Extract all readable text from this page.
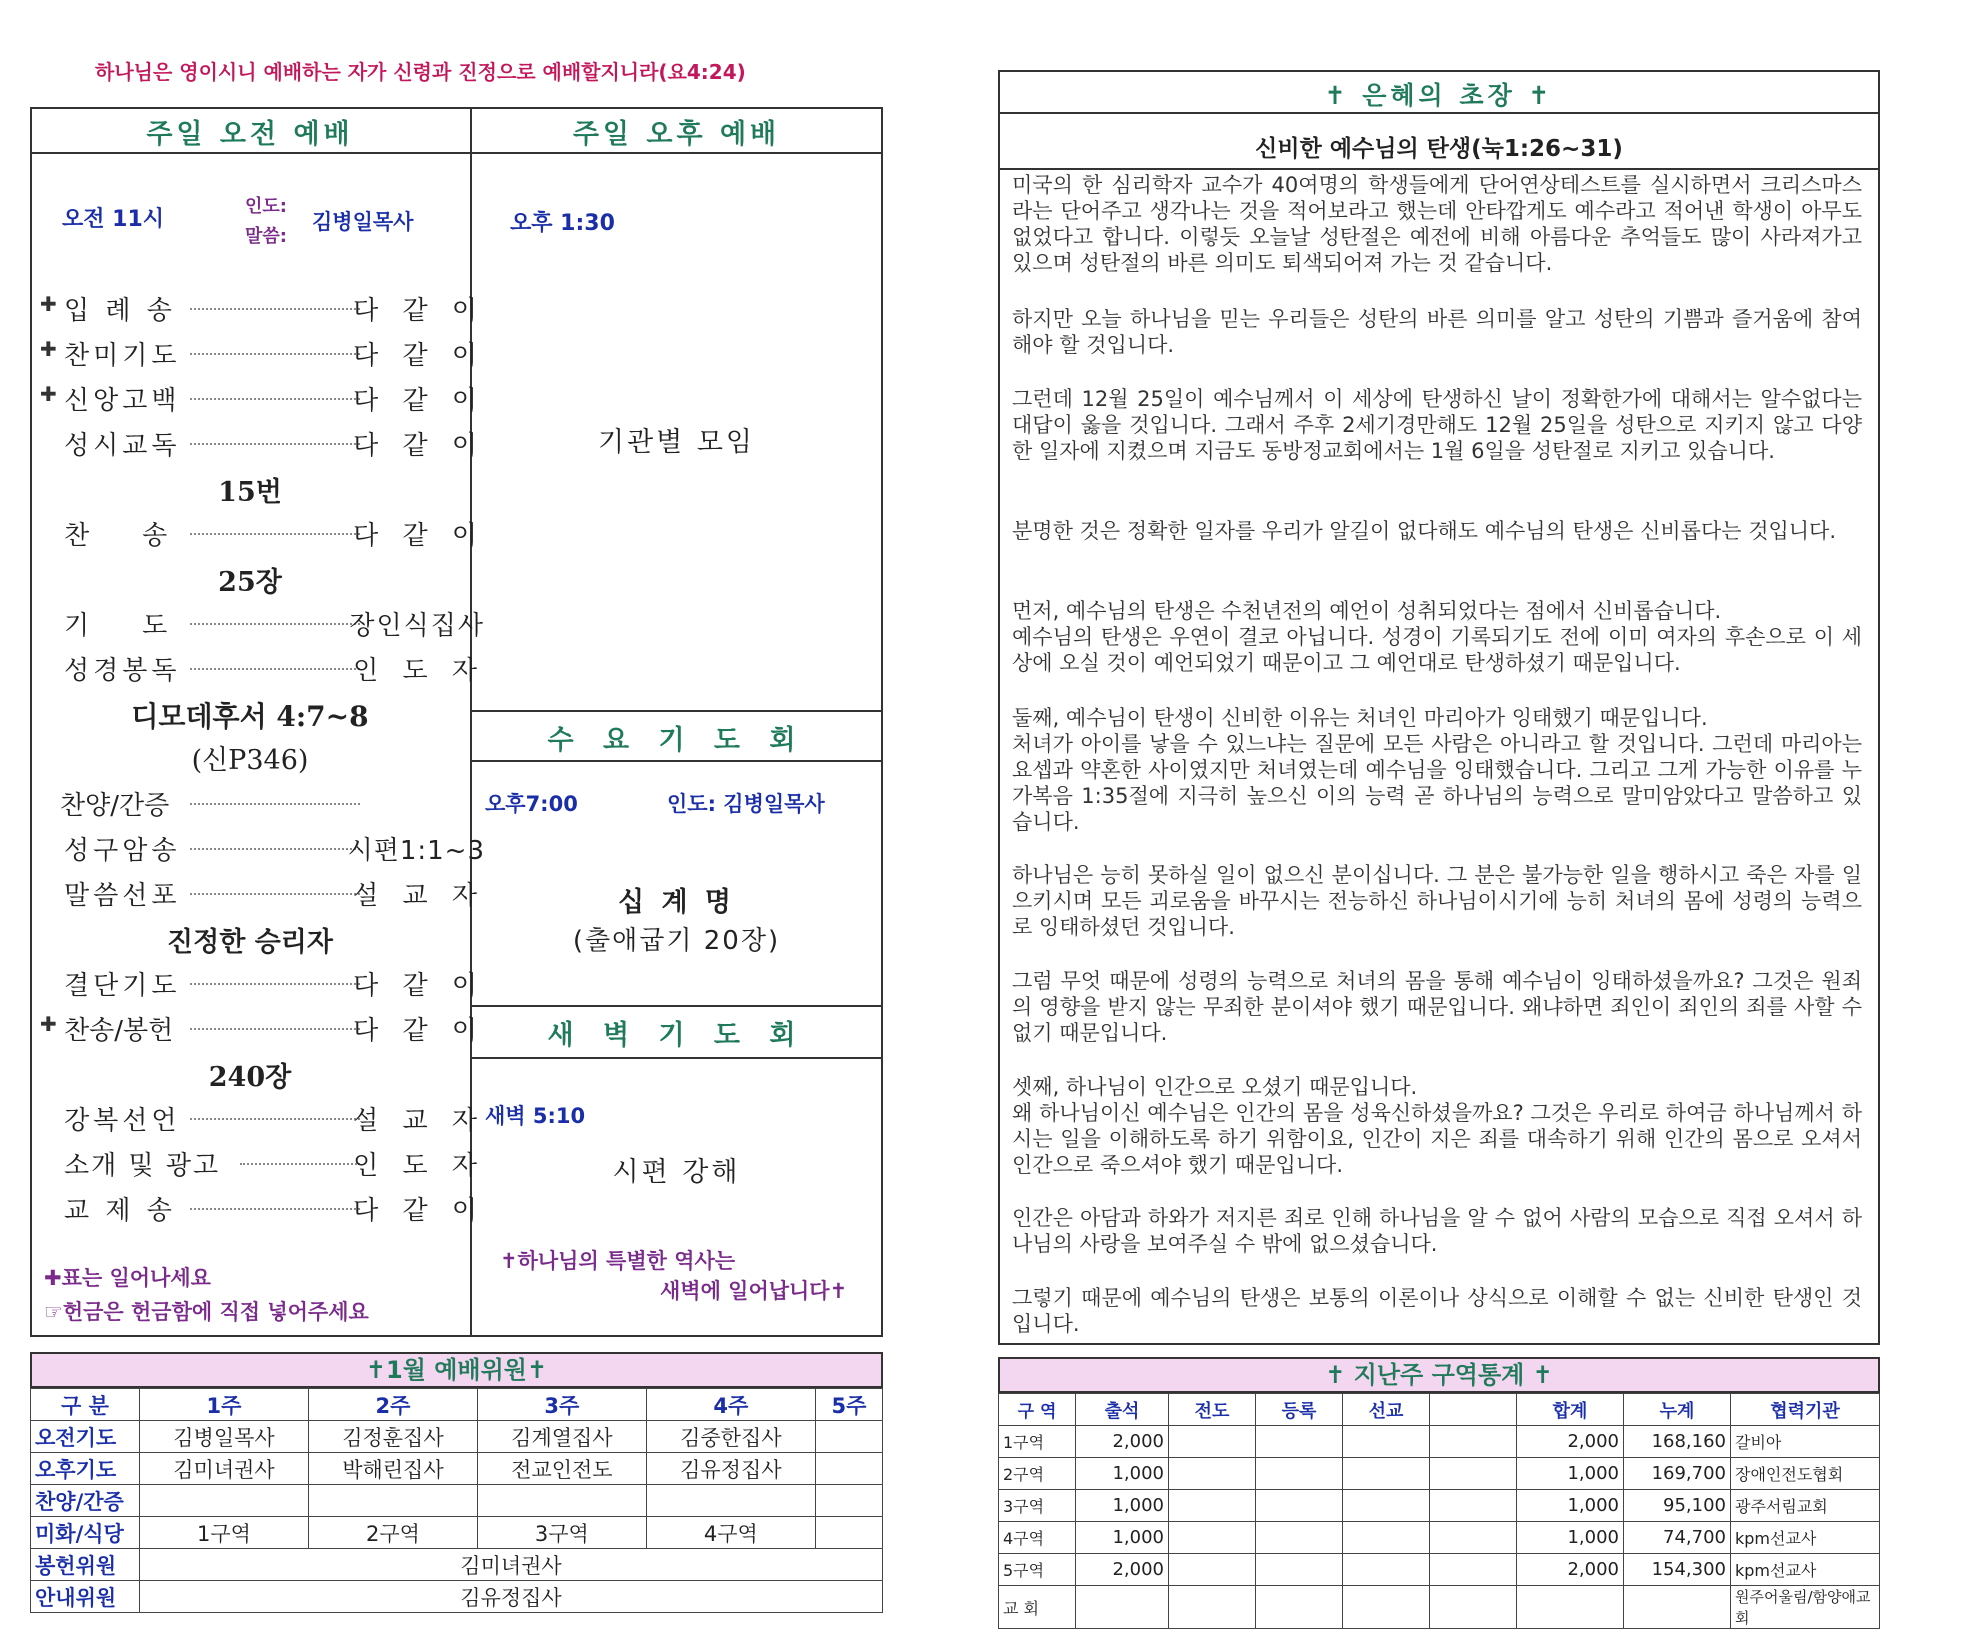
하나님은 영이시니 예배하는 자가 신령과 진정으로 예배할지니라(요4:24)
주일 오전 예배
오전 11시
인도:
말씀:
김병일목사
✚ 입 례 송	다 같 이
✚ 찬미기도	다 같 이
✚ 신앙고백	다 같 이
성시교독	다 같 이
15번
찬    송	다 같 이
25장
기    도	장인식집사
성경봉독	인 도 자
디모데후서 4:7~8
(신P346)
찬양/간증
성구암송	시편1:1~3
말씀선포	설 교 자
진정한 승리자
결단기도	다 같 이
✚ 찬송/봉헌	다 같 이
240장
강복선언	설 교 자
소개 및 광고	인 도 자
교 제 송	다 같 이
✚표는 일어나세요
☞헌금은 헌금함에 직접 넣어주세요
주일 오후 예배
오후 1:30
기관별 모임
수 요 기 도 회
오후7:00	인도: 김병일목사
십 계 명
(출애굽기 20장)
새 벽 기 도 회
새벽 5:10
시편 강해
✝하나님의 특별한 역사는
새벽에 일어납니다✝
✝1월 예배위원✝
구 분	1주	2주	3주	4주	5주
오전기도	김병일목사	김정훈집사	김계열집사	김중한집사	
오후기도	김미녀권사	박해린집사	전교인전도	김유정집사	
찬양/간증					
미화/식당	1구역	2구역	3구역	4구역	
봉헌위원	김미녀권사				
안내위원	김유정집사				
✝ 은혜의 초장 ✝
신비한 예수님의 탄생(눅1:26~31)
미국의 한 심리학자 교수가 40여명의 학생들에게 단어연상테스트를 실시하면서 크리스마스라는 단어주고 생각나는 것을 적어보라고 했는데 안타깝게도 예수라고 적어낸 학생이 아무도 없었다고 합니다. 이렇듯 오늘날 성탄절은 예전에 비해 아름다운 추억들도 많이 사라져가고 있으며 성탄절의 바른 의미도 퇴색되어져 가는 것 같습니다.
하지만 오늘 하나님을 믿는 우리들은 성탄의 바른 의미를 알고 성탄의 기쁨과 즐거움에 참여해야 할 것입니다.
그런데 12월 25일이 예수님께서 이 세상에 탄생하신 날이 정확한가에 대해서는 알수없다는 대답이 옳을 것입니다. 그래서 주후 2세기경만해도 12월 25일을 성탄으로 지키지 않고 다양한 일자에 지켰으며 지금도 동방정교회에서는 1월 6일을 성탄절로 지키고 있습니다.
분명한 것은 정확한 일자를 우리가 알길이 없다해도 예수님의 탄생은 신비롭다는 것입니다.
먼저, 예수님의 탄생은 수천년전의 예언이 성취되었다는 점에서 신비롭습니다.
예수님의 탄생은 우연이 결코 아닙니다. 성경이 기록되기도 전에 이미 여자의 후손으로 이 세상에 오실 것이 예언되었기 때문이고 그 예언대로 탄생하셨기 때문입니다.
둘째, 예수님이 탄생이 신비한 이유는 처녀인 마리아가 잉태했기 때문입니다.
처녀가 아이를 낳을 수 있느냐는 질문에 모든 사람은 아니라고 할 것입니다. 그런데 마리아는 요셉과 약혼한 사이였지만 처녀였는데 예수님을 잉태했습니다. 그리고 그게 가능한 이유를 누가복음 1:35절에 지극히 높으신 이의 능력 곧 하나님의 능력으로 말미암았다고 말씀하고 있습니다.
하나님은 능히 못하실 일이 없으신 분이십니다. 그 분은 불가능한 일을 행하시고 죽은 자를 일으키시며 모든 괴로움을 바꾸시는 전능하신 하나님이시기에 능히 처녀의 몸에 성령의 능력으로 잉태하셨던 것입니다.
그럼 무엇 때문에 성령의 능력으로 처녀의 몸을 통해 예수님이 잉태하셨을까요? 그것은 원죄의 영향을 받지 않는 무죄한 분이셔야 했기 때문입니다. 왜냐하면 죄인이 죄인의 죄를 사할 수 없기 때문입니다.
셋째, 하나님이 인간으로 오셨기 때문입니다.
왜 하나님이신 예수님은 인간의 몸을 성육신하셨을까요? 그것은 우리로 하여금 하나님께서 하시는 일을 이해하도록 하기 위함이요, 인간이 지은 죄를 대속하기 위해 인간의 몸으로 오셔서 인간으로 죽으셔야 했기 때문입니다.
인간은 아담과 하와가 저지른 죄로 인해 하나님을 알 수 없어 사람의 모습으로 직접 오셔서 하나님의 사랑을 보여주실 수 밖에 없으셨습니다.
그렇기 때문에 예수님의 탄생은 보통의 이론이나 상식으로 이해할 수 없는 신비한 탄생인 것입니다.
✝ 지난주 구역통계 ✝
구 역	출석	전도	등록	선교		합계	누계	협력기관
1구역	2,000					2,000	168,160	갈비아
2구역	1,000					1,000	169,700	장애인전도협회
3구역	1,000					1,000	95,100	광주서림교회
4구역	1,000					1,000	74,700	kpm선교사
5구역	2,000					2,000	154,300	kpm선교사
교 회								원주어울림/함양애교회
